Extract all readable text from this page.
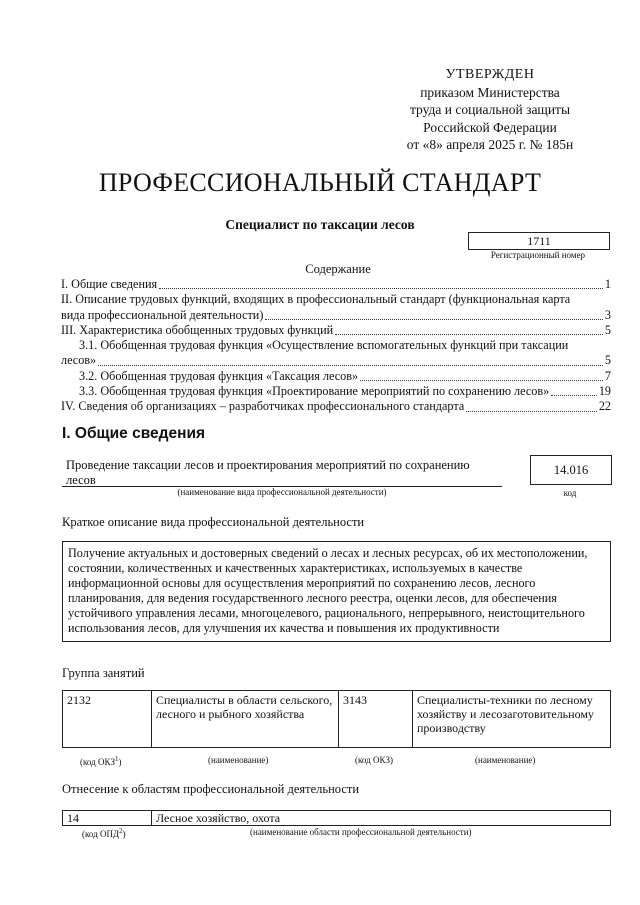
УТВЕРЖДЕН
приказом Министерства
труда и социальной защиты
Российской Федерации
от «8» апреля 2025 г. № 185н
ПРОФЕССИОНАЛЬНЫЙ СТАНДАРТ
Специалист по таксации лесов
1711
Регистрационный номер
Содержание
I. Общие сведения	1
II. Описание трудовых функций, входящих в профессиональный стандарт (функциональная карта
вида профессиональной деятельности)	3
III. Характеристика обобщенных трудовых функций	5
3.1. Обобщенная трудовая функция «Осуществление вспомогательных функций при таксации
лесов»	5
3.2. Обобщенная трудовая функция «Таксация лесов»	7
3.3. Обобщенная трудовая функция «Проектирование мероприятий по сохранению лесов»	19
IV. Сведения об организациях – разработчиках профессионального стандарта	22
I. Общие сведения
Проведение таксации лесов и проектирования мероприятий по сохранению лесов
(наименование вида профессиональной деятельности)
14.016
код
Краткое описание вида профессиональной деятельности
Получение актуальных и достоверных сведений о лесах и лесных ресурсах, об их местоположении, состоянии, количественных и качественных характеристиках, используемых в качестве информационной основы для осуществления мероприятий по сохранению лесов, лесного планирования, для ведения государственного лесного реестра, оценки лесов, для обеспечения устойчивого управления лесами, многоцелевого, рационального, непрерывного, неистощительного использования лесов, для улучшения их качества и повышения их продуктивности
Группа занятий
2132	Специалисты в области сельского, лесного и рыбного хозяйства	3143	Специалисты-техники по лесному хозяйству и лесозаготовительному производству
(код ОКЗ$^1$)	(наименование)	(код ОКЗ)	(наименование)
Отнесение к областям профессиональной деятельности
14	Лесное хозяйство, охота
(код ОПД$^2$)	(наименование области профессиональной деятельности)
